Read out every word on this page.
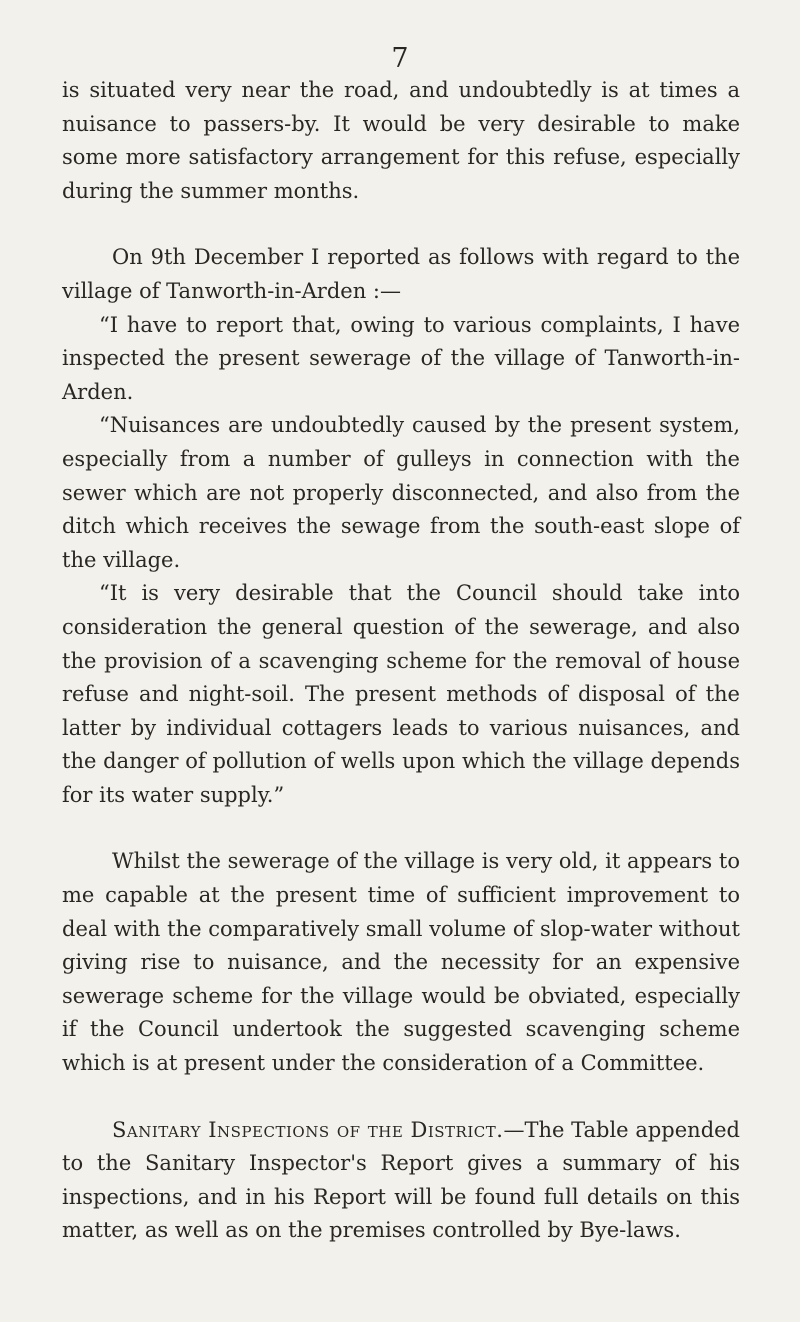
7

is situated very near the road, and undoubtedly is at times a nuisance to passers-by. It would be very desirable to make some more satisfactory arrangement for this refuse, especially during the summer months.

On 9th December I reported as follows with regard to the village of Tanworth-in-Arden :—

“I have to report that, owing to various complaints, I have inspected the present sewerage of the village of Tanworth-in-Arden.

“Nuisances are undoubtedly caused by the present system, especially from a number of gulleys in connection with the sewer which are not properly disconnected, and also from the ditch which receives the sewage from the south-east slope of the village.

“It is very desirable that the Council should take into consideration the general question of the sewerage, and also the provision of a scavenging scheme for the removal of house refuse and night-soil. The present methods of disposal of the latter by individual cottagers leads to various nuisances, and the danger of pollution of wells upon which the village depends for its water supply.”

Whilst the sewerage of the village is very old, it appears to me capable at the present time of sufficient improvement to deal with the comparatively small volume of slop-water without giving rise to nuisance, and the necessity for an expensive sewerage scheme for the village would be obviated, especially if the Council undertook the suggested scavenging scheme which is at present under the consideration of a Committee.

Sanitary Inspections of the District.—The Table appended to the Sanitary Inspector's Report gives a summary of his inspections, and in his Report will be found full details on this matter, as well as on the premises controlled by Bye-laws.
